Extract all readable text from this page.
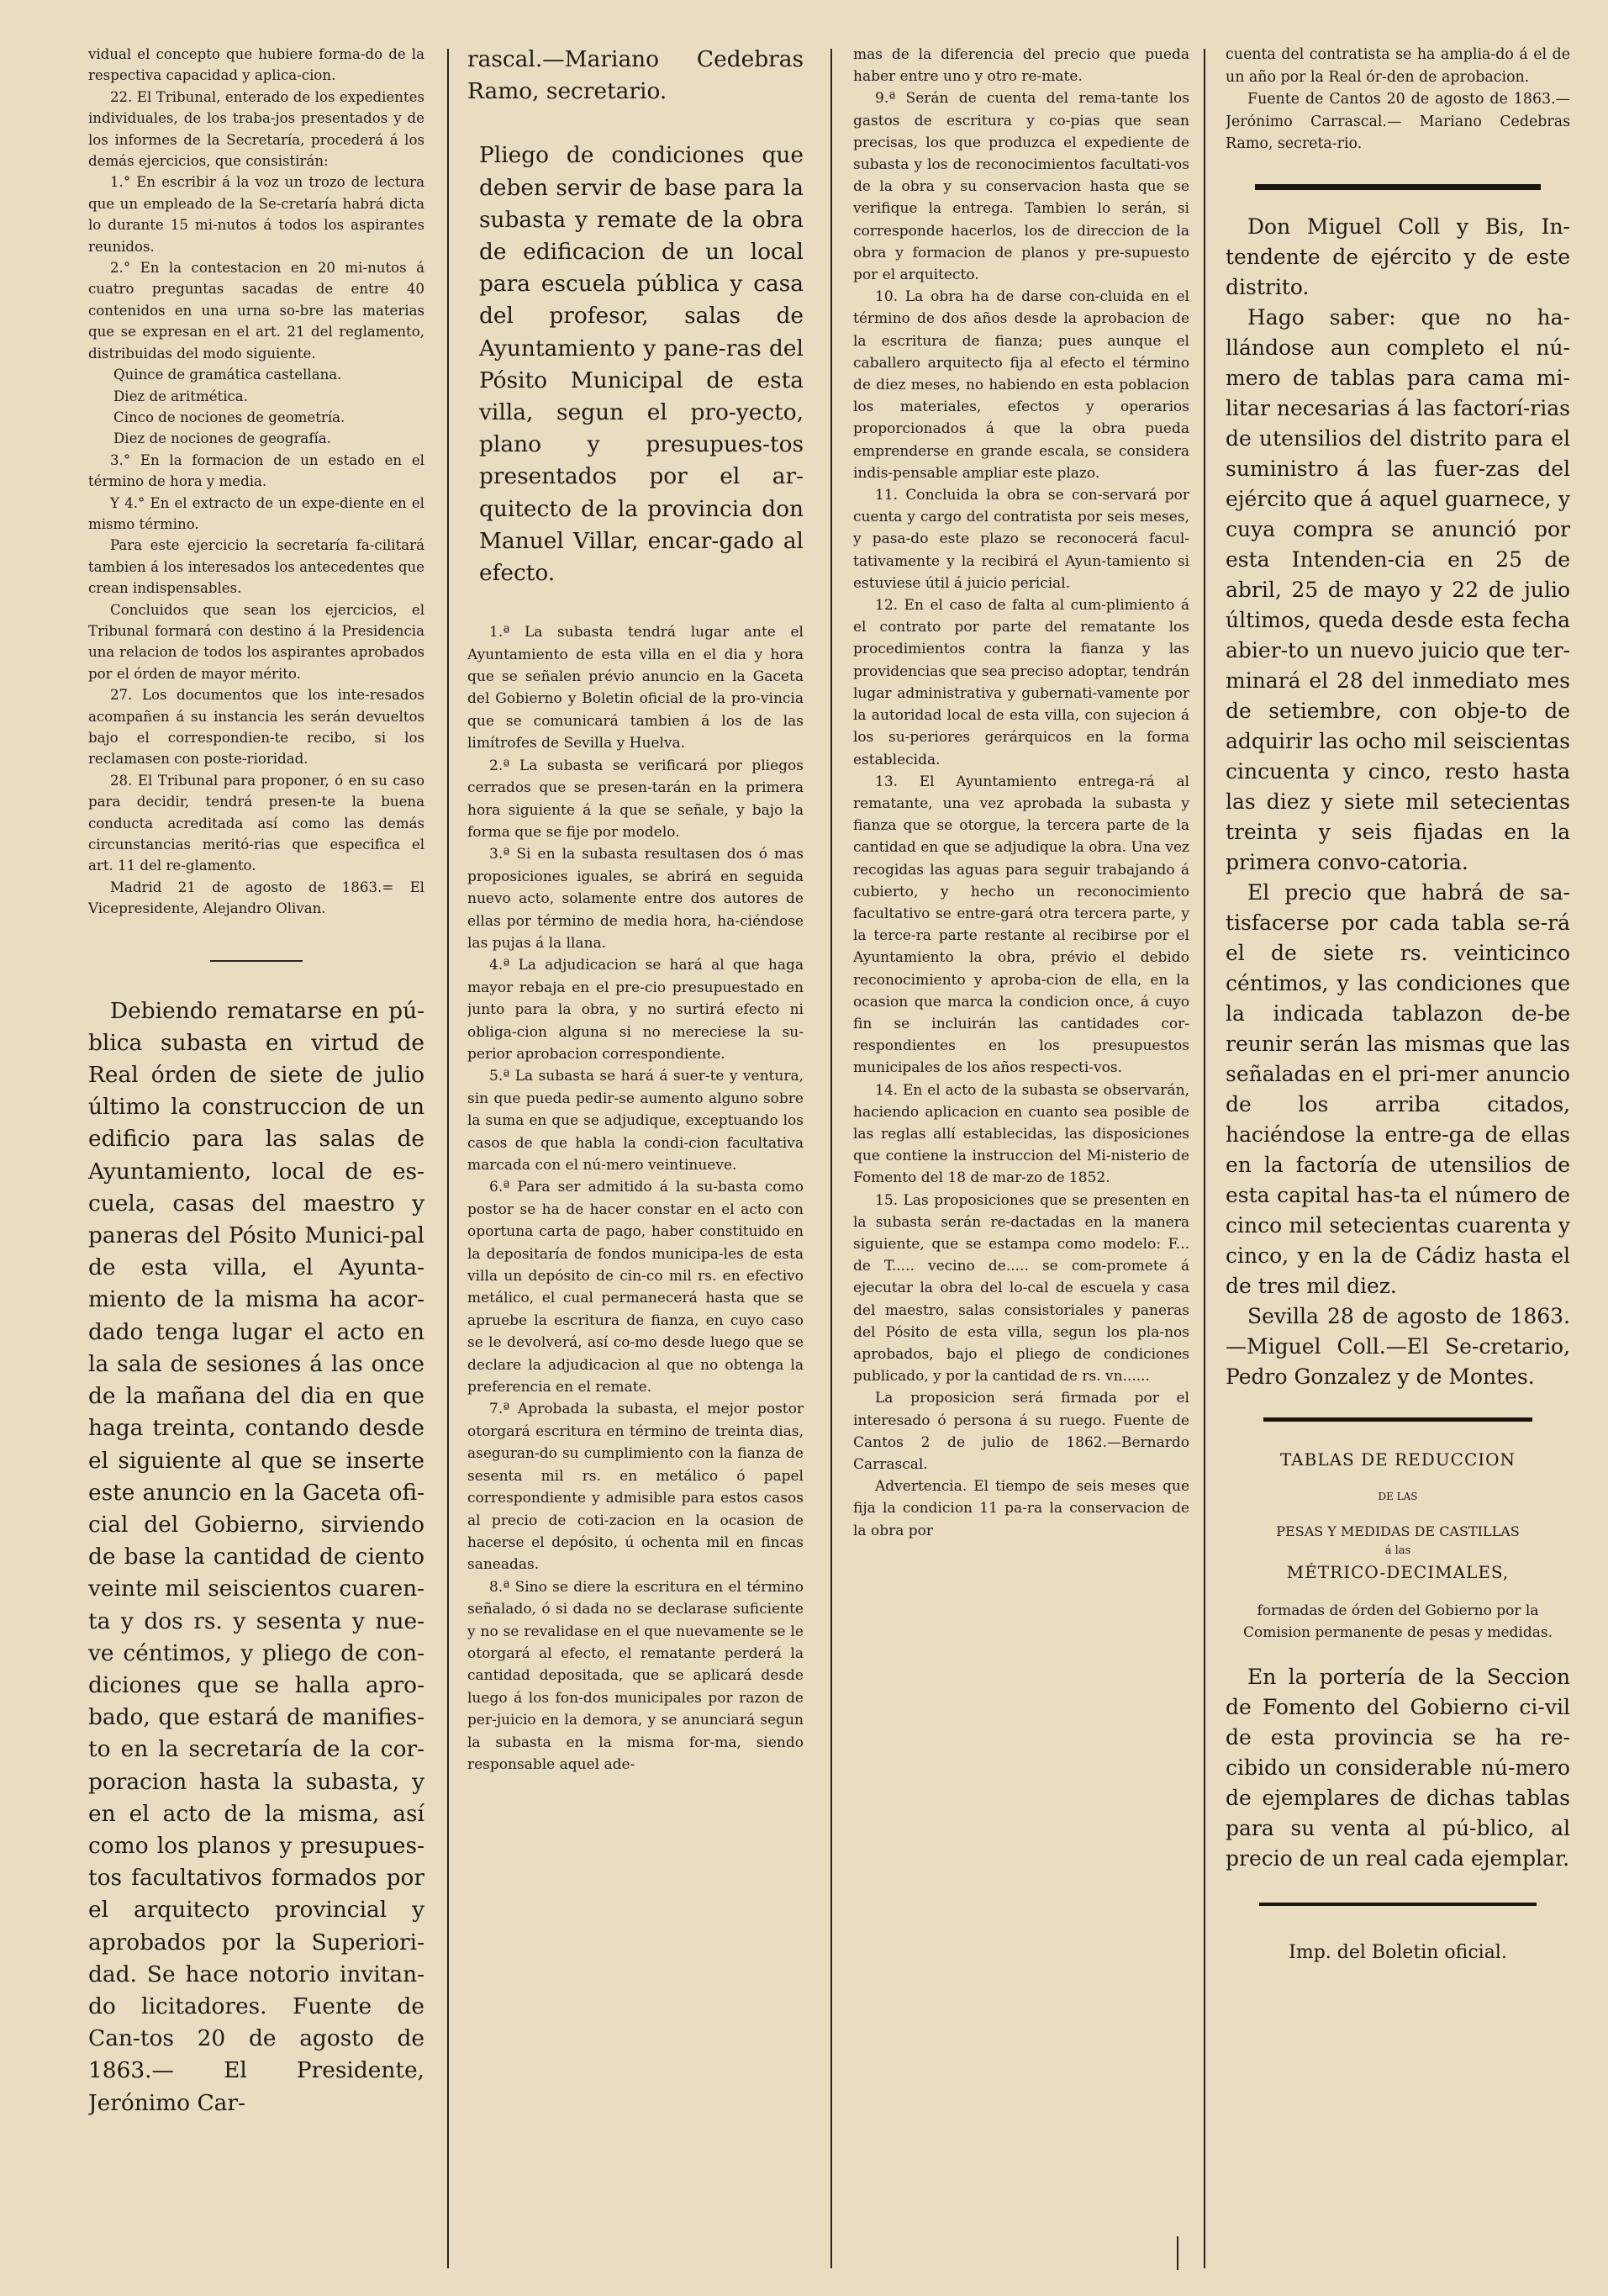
vidual el concepto que hubiere forma-do de la respectiva capacidad y aplica-cion.

22. El Tribunal, enterado de los expedientes individuales, de los traba-jos presentados y de los informes de la Secretaría, procederá á los demás ejercicios, que consistirán:

1.° En escribir á la voz un trozo de lectura que un empleado de la Se-cretaría habrá dicta lo durante 15 mi-nutos á todos los aspirantes reunidos.

2.° En la contestacion en 20 mi-nutos á cuatro preguntas sacadas de entre 40 contenidos en una urna so-bre las materias que se expresan en el art. 21 del reglamento, distribuidas del modo siguiente.

Quince de gramática castellana.

Diez de aritmética.

Cinco de nociones de geometría.

Diez de nociones de geografía.

3.° En la formacion de un estado en el término de hora y media.

Y 4.° En el extracto de un expe-diente en el mismo término.

Para este ejercicio la secretaría fa-cilitará tambien á los interesados los antecedentes que crean indispensables.

Concluidos que sean los ejercicios, el Tribunal formará con destino á la Presidencia una relacion de todos los aspirantes aprobados por el órden de mayor mérito.

27. Los documentos que los inte-resados acompañen á su instancia les serán devueltos bajo el correspondien-te recibo, si los reclamasen con poste-rioridad.

28. El Tribunal para proponer, ó en su caso para decidir, tendrá presen-te la buena conducta acreditada así como las demás circunstancias meritó-rias que especifica el art. 11 del re-glamento.

Madrid 21 de agosto de 1863.= El Vicepresidente, Alejandro Olivan.

Debiendo rematarse en pú-blica subasta en virtud de Real órden de siete de julio último la construccion de un edificio para las salas de Ayuntamiento, local de es-cuela, casas del maestro y paneras del Pósito Munici-pal de esta villa, el Ayunta-miento de la misma ha acor-dado tenga lugar el acto en la sala de sesiones á las once de la mañana del dia en que haga treinta, contando desde el siguiente al que se inserte este anuncio en la Gaceta ofi-cial del Gobierno, sirviendo de base la cantidad de ciento veinte mil seiscientos cuaren-ta y dos rs. y sesenta y nue-ve céntimos, y pliego de con-diciones que se halla apro-bado, que estará de manifies-to en la secretaría de la cor-poracion hasta la subasta, y en el acto de la misma, así como los planos y presupues-tos facultativos formados por el arquitecto provincial y aprobados por la Superiori-dad. Se hace notorio invitan-do licitadores. Fuente de Can-tos 20 de agosto de 1863.— El Presidente, Jerónimo Car-

rascal.—Mariano Cedebras Ramo, secretario.

Pliego de condiciones que deben servir de base para la subasta y remate de la obra de edificacion de un local para escuela pública y casa del profesor, salas de Ayuntamiento y pane-ras del Pósito Municipal de esta villa, segun el pro-yecto, plano y presupues-tos presentados por el ar-quitecto de la provincia don Manuel Villar, encar-gado al efecto.

1.ª La subasta tendrá lugar ante el Ayuntamiento de esta villa en el dia y hora que se señalen prévio anuncio en la Gaceta del Gobierno y Boletin oficial de la pro-vincia que se comunicará tambien á los de las limítrofes de Sevilla y Huelva.

2.ª La subasta se verificará por pliegos cerrados que se presen-tarán en la primera hora siguiente á la que se señale, y bajo la forma que se fije por modelo.

3.ª Si en la subasta resultasen dos ó mas proposiciones iguales, se abrirá en seguida nuevo acto, solamente entre dos autores de ellas por término de media hora, ha-ciéndose las pujas á la llana.

4.ª La adjudicacion se hará al que haga mayor rebaja en el pre-cio presupuestado en junto para la obra, y no surtirá efecto ni obliga-cion alguna si no mereciese la su-perior aprobacion correspondiente.

5.ª La subasta se hará á suer-te y ventura, sin que pueda pedir-se aumento alguno sobre la suma en que se adjudique, exceptuando los casos de que habla la condi-cion facultativa marcada con el nú-mero veintinueve.

6.ª Para ser admitido á la su-basta como postor se ha de hacer constar en el acto con oportuna carta de pago, haber constituido en la depositaría de fondos municipa-les de esta villa un depósito de cin-co mil rs. en efectivo metálico, el cual permanecerá hasta que se apruebe la escritura de fianza, en cuyo caso se le devolverá, así co-mo desde luego que se declare la adjudicacion al que no obtenga la preferencia en el remate.

7.ª Aprobada la subasta, el mejor postor otorgará escritura en término de treinta dias, aseguran-do su cumplimiento con la fianza de sesenta mil rs. en metálico ó papel correspondiente y admisible para estos casos al precio de coti-zacion en la ocasion de hacerse el depósito, ú ochenta mil en fincas saneadas.

8.ª Sino se diere la escritura en el término señalado, ó si dada no se declarase suficiente y no se revalidase en el que nuevamente se le otorgará al efecto, el rematante perderá la cantidad depositada, que se aplicará desde luego á los fon-dos municipales por razon de per-juicio en la demora, y se anunciará segun la subasta en la misma for-ma, siendo responsable aquel ade-

mas de la diferencia del precio que pueda haber entre uno y otro re-mate.

9.ª Serán de cuenta del rema-tante los gastos de escritura y co-pias que sean precisas, los que produzca el expediente de subasta y los de reconocimientos facultati-vos de la obra y su conservacion hasta que se verifique la entrega. Tambien lo serán, si corresponde hacerlos, los de direccion de la obra y formacion de planos y pre-supuesto por el arquitecto.

10. La obra ha de darse con-cluida en el término de dos años desde la aprobacion de la escritura de fianza; pues aunque el caballero arquitecto fija al efecto el término de diez meses, no habiendo en esta poblacion los materiales, efectos y operarios proporcionados á que la obra pueda emprenderse en grande escala, se considera indis-pensable ampliar este plazo.

11. Concluida la obra se con-servará por cuenta y cargo del contratista por seis meses, y pasa-do este plazo se reconocerá facul-tativamente y la recibirá el Ayun-tamiento si estuviese útil á juicio pericial.

12. En el caso de falta al cum-plimiento á el contrato por parte del rematante los procedimientos contra la fianza y las providencias que sea preciso adoptar, tendrán lugar administrativa y gubernati-vamente por la autoridad local de esta villa, con sujecion á los su-periores gerárquicos en la forma establecida.

13. El Ayuntamiento entrega-rá al rematante, una vez aprobada la subasta y fianza que se otorgue, la tercera parte de la cantidad en que se adjudique la obra. Una vez recogidas las aguas para seguir trabajando á cubierto, y hecho un reconocimiento facultativo se entre-gará otra tercera parte, y la terce-ra parte restante al recibirse por el Ayuntamiento la obra, prévio el debido reconocimiento y aproba-cion de ella, en la ocasion que marca la condicion once, á cuyo fin se incluirán las cantidades cor-respondientes en los presupuestos municipales de los años respecti-vos.

14. En el acto de la subasta se observarán, haciendo aplicacion en cuanto sea posible de las reglas allí establecidas, las disposiciones que contiene la instruccion del Mi-nisterio de Fomento del 18 de mar-zo de 1852.

15. Las proposiciones que se presenten en la subasta serán re-dactadas en la manera siguiente, que se estampa como modelo: F... de T..... vecino de..... se com-promete á ejecutar la obra del lo-cal de escuela y casa del maestro, salas consistoriales y paneras del Pósito de esta villa, segun los pla-nos aprobados, bajo el pliego de condiciones publicado, y por la cantidad de rs. vn......

La proposicion será firmada por el interesado ó persona á su ruego. Fuente de Cantos 2 de julio de 1862.—Bernardo Carrascal.

Advertencia. El tiempo de seis meses que fija la condicion 11 pa-ra la conservacion de la obra por

cuenta del contratista se ha amplia-do á el de un año por la Real ór-den de aprobacion.

Fuente de Cantos 20 de agosto de 1863.—Jerónimo Carrascal.— Mariano Cedebras Ramo, secreta-rio.

Don Miguel Coll y Bis, In-tendente de ejército y de este distrito.

Hago saber: que no ha-llándose aun completo el nú-mero de tablas para cama mi-litar necesarias á las factorí-rias de utensilios del distrito para el suministro á las fuer-zas del ejército que á aquel guarnece, y cuya compra se anunció por esta Intenden-cia en 25 de abril, 25 de mayo y 22 de julio últimos, queda desde esta fecha abier-to un nuevo juicio que ter-minará el 28 del inmediato mes de setiembre, con obje-to de adquirir las ocho mil seiscientas cincuenta y cinco, resto hasta las diez y siete mil setecientas treinta y seis fijadas en la primera convo-catoria.

El precio que habrá de sa-tisfacerse por cada tabla se-rá el de siete rs. veinticinco céntimos, y las condiciones que la indicada tablazon de-be reunir serán las mismas que las señaladas en el pri-mer anuncio de los arriba citados, haciéndose la entre-ga de ellas en la factoría de utensilios de esta capital has-ta el número de cinco mil setecientas cuarenta y cinco, y en la de Cádiz hasta el de tres mil diez.

Sevilla 28 de agosto de 1863.—Miguel Coll.—El Se-cretario, Pedro Gonzalez y de Montes.

TABLAS DE REDUCCION

DE LAS

PESAS Y MEDIDAS DE CASTILLAS

á las

MÉTRICO-DECIMALES,

formadas de órden del Gobierno por la Comision permanente de pesas y medidas.

En la portería de la Seccion de Fomento del Gobierno ci-vil de esta provincia se ha re-cibido un considerable nú-mero de ejemplares de dichas tablas para su venta al pú-blico, al precio de un real cada ejemplar.

Imp. del Boletin oficial.
